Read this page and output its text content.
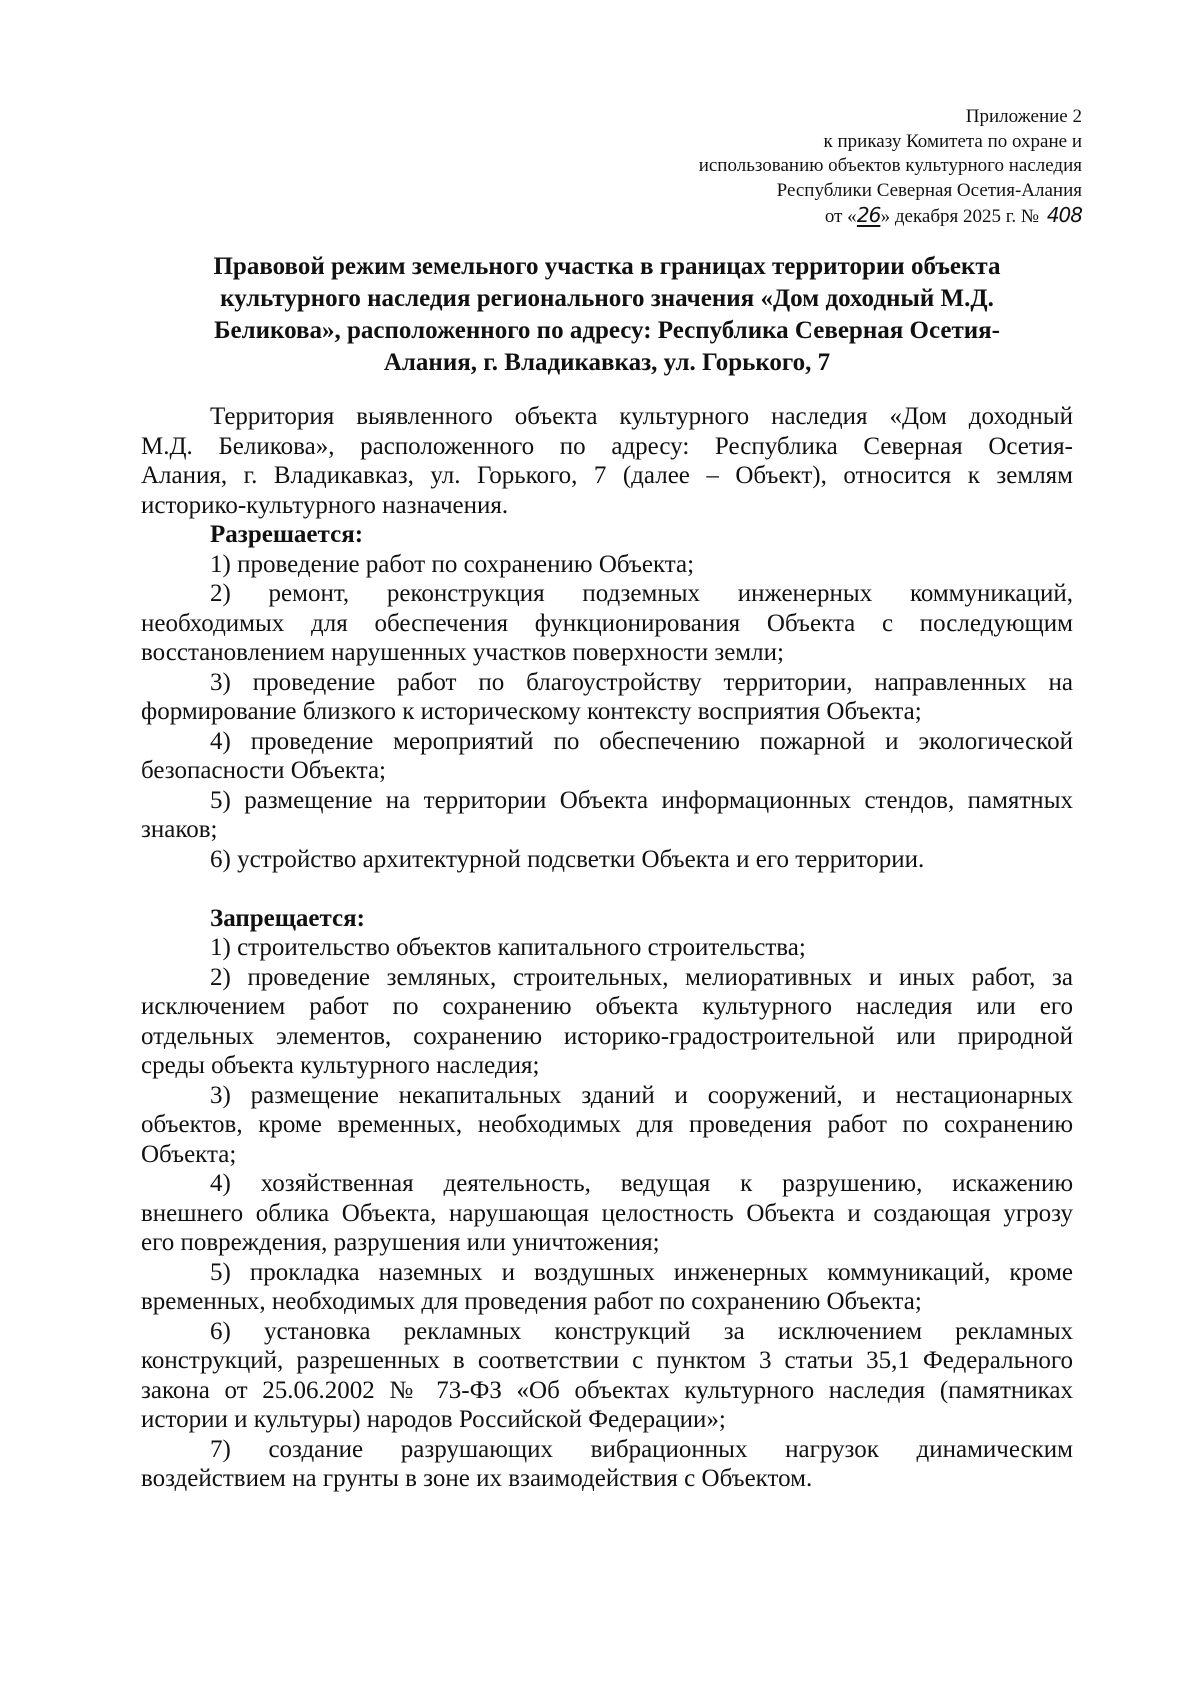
Приложение 2
к приказу Комитета по охране и
использованию объектов культурного наследия
Республики Северная Осетия-Алания
от «26» декабря 2025 г. № 408
Правовой режим земельного участка в границах территории объекта
культурного наследия регионального значения «Дом доходный М.Д.
Беликова», расположенного по адресу: Республика Северная Осетия-
Алания, г. Владикавказ, ул. Горького, 7
Территория выявленного объекта культурного наследия «Дом доходный
М.Д. Беликова», расположенного по адресу: Республика Северная Осетия-
Алания, г. Владикавказ, ул. Горького, 7 (далее – Объект), относится к землям
историко-культурного назначения.
Разрешается:
1) проведение работ по сохранению Объекта;
2) ремонт, реконструкция подземных инженерных коммуникаций,
необходимых для обеспечения функционирования Объекта с последующим
восстановлением нарушенных участков поверхности земли;
3) проведение работ по благоустройству территории, направленных на
формирование близкого к историческому контексту восприятия Объекта;
4) проведение мероприятий по обеспечению пожарной и экологической
безопасности Объекта;
5) размещение на территории Объекта информационных стендов, памятных
знаков;
6) устройство архитектурной подсветки Объекта и его территории.
Запрещается:
1) строительство объектов капитального строительства;
2) проведение земляных, строительных, мелиоративных и иных работ, за
исключением работ по сохранению объекта культурного наследия или его
отдельных элементов, сохранению историко-градостроительной или природной
среды объекта культурного наследия;
3) размещение некапитальных зданий и сооружений, и нестационарных
объектов, кроме временных, необходимых для проведения работ по сохранению
Объекта;
4) хозяйственная деятельность, ведущая к разрушению, искажению
внешнего облика Объекта, нарушающая целостность Объекта и создающая угрозу
его повреждения, разрушения или уничтожения;
5) прокладка наземных и воздушных инженерных коммуникаций, кроме
временных, необходимых для проведения работ по сохранению Объекта;
6) установка рекламных конструкций за исключением рекламных
конструкций, разрешенных в соответствии с пунктом 3 статьи 35,1 Федерального
закона от 25.06.2002 № 73-ФЗ «Об объектах культурного наследия (памятниках
истории и культуры) народов Российской Федерации»;
7) создание разрушающих вибрационных нагрузок динамическим
воздействием на грунты в зоне их взаимодействия с Объектом.
